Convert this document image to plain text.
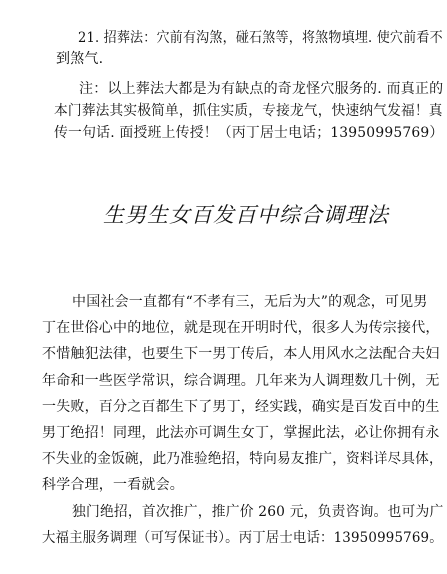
21. 招葬法：穴前有沟煞，碰石煞等，将煞物填埋. 使穴前看不
到煞气.
注：以上葬法大都是为有缺点的奇龙怪穴服务的. 而真正的
本门葬法其实极简单，抓住实质，专接龙气，快速纳气发福！真
传一句话. 面授班上传授！（丙丁居士电话；13950995769）
生男生女百发百中综合调理法
中国社会一直都有“不孝有三，无后为大”的观念，可见男
丁在世俗心中的地位，就是现在开明时代，很多人为传宗接代，
不惜触犯法律，也要生下一男丁传后，本人用风水之法配合夫妇
年命和一些医学常识，综合调理。几年来为人调理数几十例，无
一失败，百分之百都生下了男丁，经实践，确实是百发百中的生
男丁绝招！同理，此法亦可调生女丁，掌握此法，必让你拥有永
不失业的金饭碗，此乃准验绝招，特向易友推广，资料详尽具体，
科学合理，一看就会。
独门绝招，首次推广，推广价 260 元，负责咨询。也可为广
大福主服务调理（可写保证书）。丙丁居士电话：13950995769。
